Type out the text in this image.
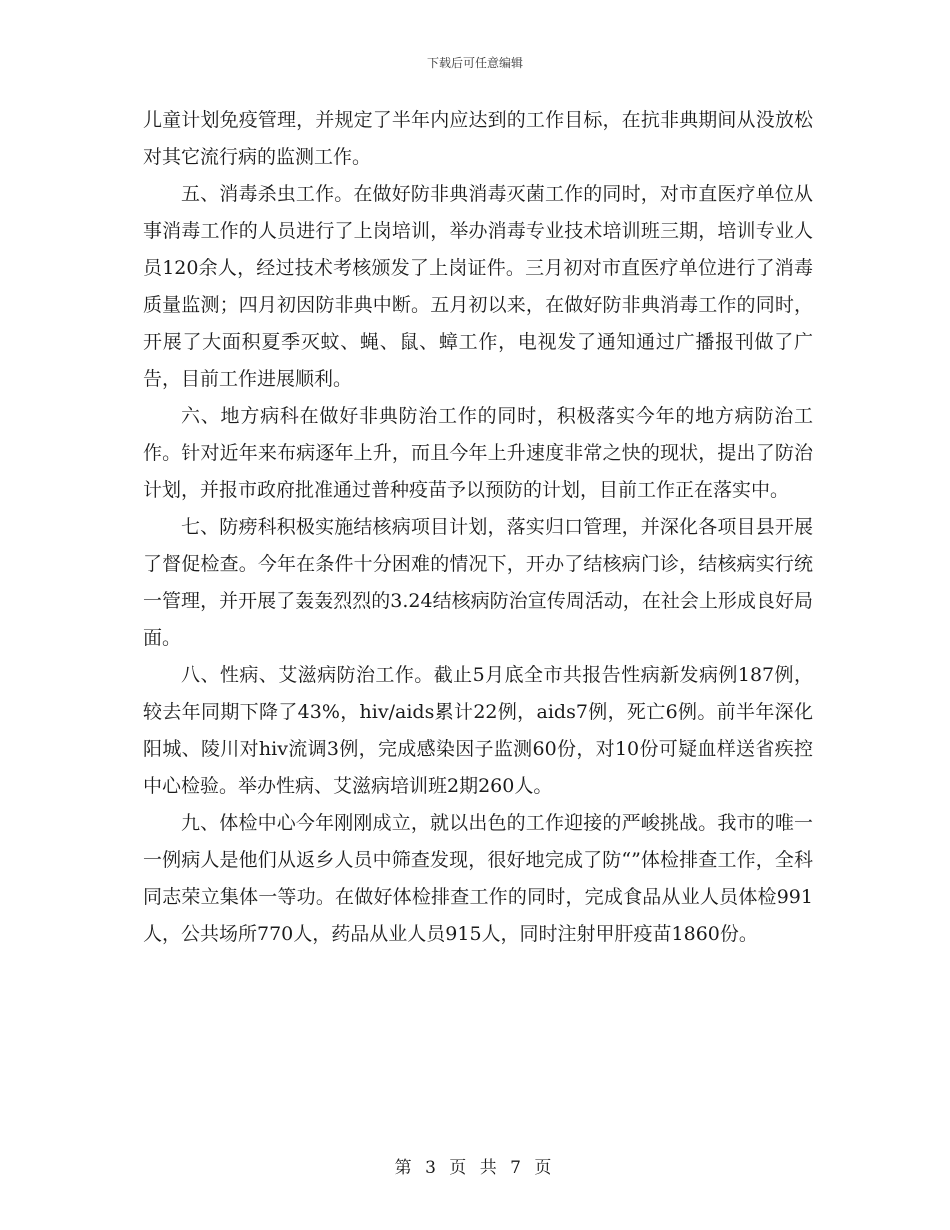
下载后可任意编辑

儿童计划免疫管理，并规定了半年内应达到的工作目标，在抗非典期间从没放松对其它流行病的监测工作。

五、消毒杀虫工作。在做好防非典消毒灭菌工作的同时，对市直医疗单位从事消毒工作的人员进行了上岗培训，举办消毒专业技术培训班三期，培训专业人员120余人，经过技术考核颁发了上岗证件。三月初对市直医疗单位进行了消毒质量监测；四月初因防非典中断。五月初以来，在做好防非典消毒工作的同时，开展了大面积夏季灭蚊、蝇、鼠、蟑工作，电视发了通知通过广播报刊做了广告，目前工作进展顺利。

六、地方病科在做好非典防治工作的同时，积极落实今年的地方病防治工作。针对近年来布病逐年上升，而且今年上升速度非常之快的现状，提出了防治计划，并报市政府批准通过普种疫苗予以预防的计划，目前工作正在落实中。

七、防痨科积极实施结核病项目计划，落实归口管理，并深化各项目县开展了督促检查。今年在条件十分困难的情况下，开办了结核病门诊，结核病实行统一管理，并开展了轰轰烈烈的3.24结核病防治宣传周活动，在社会上形成良好局面。

八、性病、艾滋病防治工作。截止5月底全市共报告性病新发病例187例，较去年同期下降了43%，hiv/aids累计22例，aids7例，死亡6例。前半年深化阳城、陵川对hiv流调3例，完成感染因子监测60份，对10份可疑血样送省疾控中心检验。举办性病、艾滋病培训班2期260人。

九、体检中心今年刚刚成立，就以出色的工作迎接的严峻挑战。我市的唯一一例病人是他们从返乡人员中筛查发现，很好地完成了防“”体检排查工作，全科同志荣立集体一等功。在做好体检排查工作的同时，完成食品从业人员体检991人，公共场所770人，药品从业人员915人，同时注射甲肝疫苗1860份。

第 3 页 共 7 页
